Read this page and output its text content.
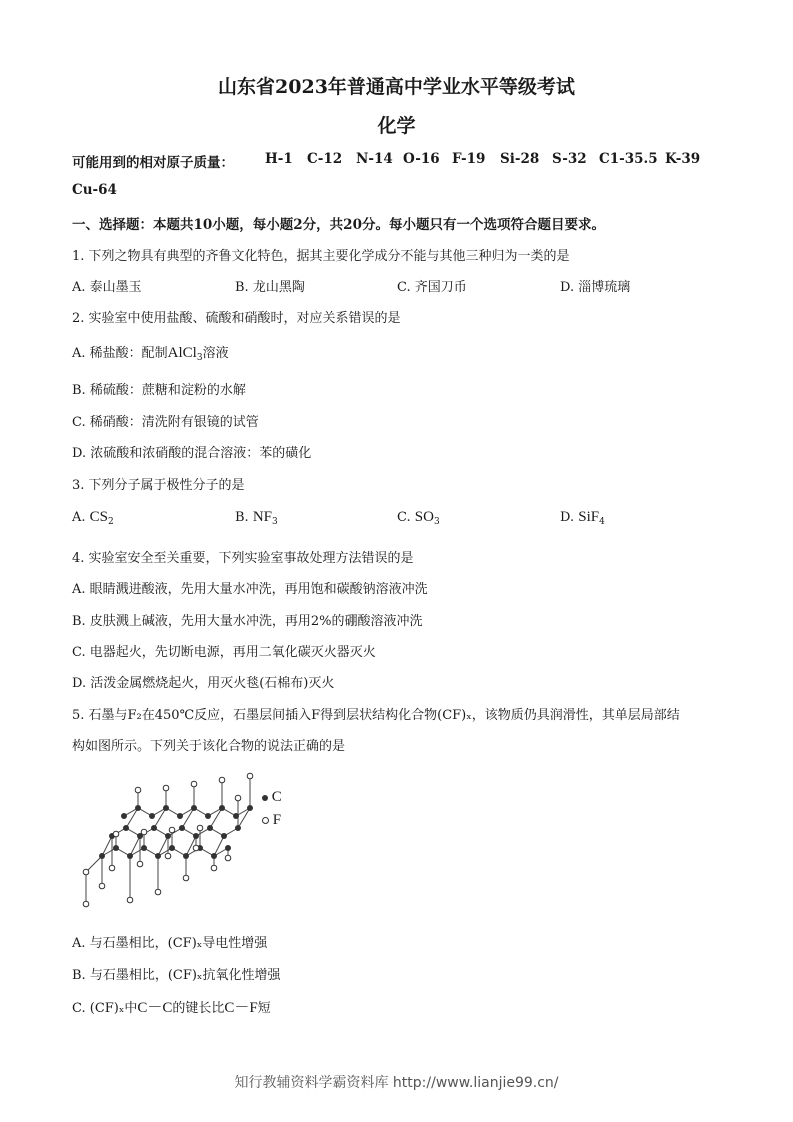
山东省2023年普通高中学业水平等级考试
化学
可能用到的相对原子质量： H-1 C-12 N-14 O-16 F-19 Si-28 S-32 C1-35.5 K-39
Cu-64
一、选择题：本题共10小题，每小题2分，共20分。每小题只有一个选项符合题目要求。
1. 下列之物具有典型的齐鲁文化特色，据其主要化学成分不能与其他三种归为一类的是
A. 泰山墨玉	B. 龙山黑陶	C. 齐国刀币	D. 淄博琉璃
2. 实验室中使用盐酸、硫酸和硝酸时，对应关系错误的是
A. 稀盐酸：配制AlCl$_3$溶液
B. 稀硫酸：蔗糖和淀粉的水解
C. 稀硝酸：清洗附有银镜的试管
D. 浓硫酸和浓硝酸的混合溶液：苯的磺化
3. 下列分子属于极性分子的是
A. $CS_2$	B. $NF_3$	C. $SO_3$	D. SiF$_4$
4. 实验室安全至关重要，下列实验室事故处理方法错误的是
A. 眼睛溅进酸液，先用大量水冲洗，再用饱和碳酸钠溶液冲洗
B. 皮肤溅上碱液，先用大量水冲洗，再用2%的硼酸溶液冲洗
C. 电器起火，先切断电源，再用二氧化碳灭火器灭火
D. 活泼金属燃烧起火，用灭火毯(石棉布)灭火
5. 石墨与F₂在450℃反应，石墨层间插入F得到层状结构化合物(CF)ₓ，该物质仍具润滑性，其单层局部结
构如图所示。下列关于该化合物的说法正确的是
C
F
A. 与石墨相比，(CF)ₓ导电性增强
B. 与石墨相比，(CF)ₓ抗氧化性增强
C. (CF)ₓ中C－C的键长比C－F短
知行教辅资料学霸资料库 http://www.lianjie99.cn/
